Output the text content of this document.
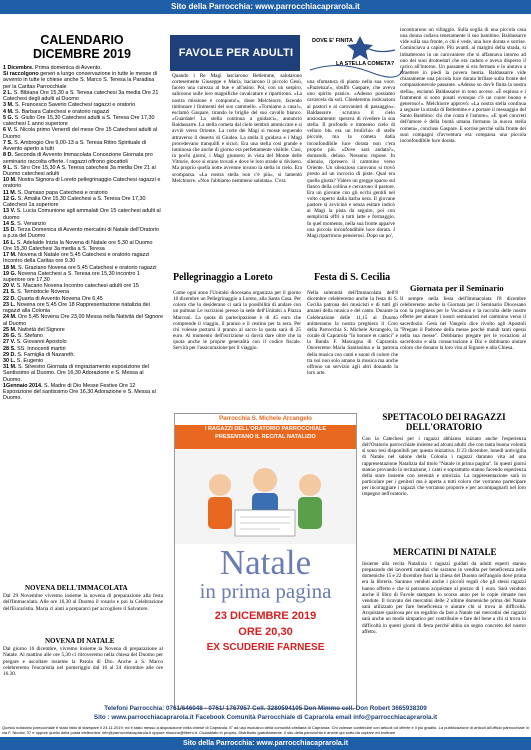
Sito della Parrocchia: www.parrocchiacaprarola.it
CALENDARIO
DICEMBRE 2019

1 Dicembre. Prima domenica di Avvento.

Si raccolgono generi a lungo conservazione in tutte le messe di avvento in tutte le chiese anche S. Marco S. Teresa la Paradisa per la Caritas Parrocchiale

2 L. S. Bibiana Ore 15,30 a S. Teresa catechesi 3a media Ore 21 Catechesi degli adulti al Duomo

3 M. S. Francesco Saverio Catechesi ragazzi e oratorio

4 M. S. Barbara Catechesi e oratorio ragazzi

5 G. S. Giulio Ore 15,30 Catechesi adulti a S. Teresa Ore 17,30 catechesi 1 anno superiore

6 V. S. Nicola primo Venerdì del mese Ore 15 Catechesi adulti al Duomo

7 S. S. Ambrogio Ore 9,00-13 a S. Teresa Ritiro Spirituale di Avvento aperto a tutti

8 D. Seconda di Avvento Immacolata Concezione Giornata pro seminario raccolta offerte. I ragazzi offrono giocattoli

9 L. S. Siro Ore 15,30 A S. Teresa catechesi 3a media Ore 21 al Duomo catechesi adulti

10 M. Nostra Signora di Loreto pellegrinaggio Catechesi ragazzi e oratorio

11 M. S. Damaso papa Catechesi e oratorio

12 G. S. Amalia Ore 15,30 Catechesi a S. Teresa Ore 17,30 Catechesi 1a superiore

13 V. S. Lucia Comunione agli ammalati Ore 15 catechesi adulti al duomo

14 S. S. Venanzio

15 D. Terza Domenica di Avvento mercatini di Natale dell'Oratorio a p.za del Duomo

16 L. S. Adelaide Inizia la Novena di Natale ore 5,30 al Duomo Ore 15,30 Catechesi 3a media a S. Teresa

17 M. Novena di Natale ore 5,45 Catechesi e oratorio ragazzi Incontro della Caritas ore 9.30

18 M. S. Graziano Novena ore 5,45 Catechesi e oratorio ragazzi

19 G. Novena Catechesi a S. Teresa ore 15,30 incontro 1 superiore ore 17,30

20 V. S. Macario Novena Incontro catechesi adulti ore 15

21 S. S. Temistocle Novena

22 D. Quarta di Avvento Novena Ore 6,45

23 L. Novena ore 5,45 Ore 18 Rappresentazione natalizia dei ragazzi alla Colonia

24 M. Ore 5,45 Novena Ore 23,00 Messa nella Natività del Signore al Duomo

25 M. Natività del Signore

26 G. S. Stefano

27 V. S. Giovanni Apostolo

28 S. SS. Innocenti martiri

29 D. S. Famiglia di Nazareth.

30 L. S. Eugenio

31 M. S. Silvestro Giornata di ringraziamento esposizione del Santissimo al Duomo. Ore 16,30 Adorazione e S. Messa al Duomo.

1Gennaio 2014. S. Madre di Dio Messe Festive Ore 12 Esposizione del santissimo Ore 16,30 Adorazione e S. Messa al Duomo.

NOVENA DELL'IMMACOLATA
Dal 29 Novembre vivremo insieme la novena di preparazione alla festa dell'Immacolata. Alle ore 16,30 al Duomo il rosario e poi la Celebrazione dell'Eucaristia. Maria ci aiuti a prepararci per accogliere il Salvatore.
NOVENA DI NATALE
Dal giorno 16 dicembre, vivremo insieme la Novena di preparazione al Natale. Al mattino alle ore 5,30 ci ritroveremo nella chiesa del Duomo per pregare e ascoltare insieme la Parola di Dio. Anche a S. Marco celebreremo l'eucaristia nel pomeriggio dal 16 al 24 dicembre alle ore 16.30.
FAVOLE PER ADULTI
DOVE E' FINITA
LA STELLA COMETA?
Quando i Re Magi lasciarono Betlemme, salutarono cortesemente Giuseppe e Maria, baciarono il piccolo Gesù, facero una carezza al bue e all'asino. Poi, con un sospiro, saliroono sulle loro magnifiche cavalcature e ripartirono. «La nostra missione è compiuta!», disse Melchiorre, facendo tintinnare i finimenti del suo cammello. «Torniamo a casa!», esclamò Gaspare, tirando le briglie del suo cavallo bianco. «Guardate! La stella continua a guidarci», annunciò Baldassarre. La stella cometa dal cielo sembrò ammiccare e si avviò verso Oriente. La corte dei Magi si mosse seguendo attraverso il deserto di Giudea. La stella li guidava e i Magi procedevano tranquilli e sicuri. Era una stella così grande e luminosa che anche di giorno era perfettamente visibile. Così, in pochi giorni, i Magi giunsero in vista del Monte delle Vittorie, dove si erano trovati e dove le loro strade si divisero. Ma proprio quella notte avvenne invano la stella in cielo. Era scomparsa. «La nostra stella non c'è più», si lamentò Melchiorre. «Non l'abbiamo nemmeno salutata». C'era
una sfumatura di pianto nella sua voce. «Pazienza!», sbuffò Gaspare, che aveva uno spirito pratico. «Adesso possiamo cavarcela da soli. Chiederemo indicazioni ai pastori e ai carovanieri di passaggio». Baldassarre scrutava il cielo ansiosamente: sperava di rivedere la sua stella. Il profondo e immenso cielo di velluto blu era un brulichio di stelle piccole, ma la cometa dalla inconfondibile luce dorata non c'era proprio più. «Dove sarà andata?», domandò, deluso. Nessuno rispose. In silenzio, ripresero il cammino verso Oriente. Un silenzioso carovano si trovò presto ad un incrocio di piste. Qual era quella giusta? Videro un gregge sparso sul fianco della collina e cercarono il pastore. Era un giovane con gli occhi gentili nel volto coperto dalla barba nera. Il giovane pastore si avvicinò e senza esitare indicò ai Magi la pista da seguire, poi con semplicità offrì a tutti latte e formaggio. In quel momento, nella sua fronte apparve una piccola inconfondibile luce dorata. I Magi ripartirono pensierosi. Dopo un po',
incontrarono un villaggio. Sulla soglia di una piccola casa una donna cullava teneramente il suo bambino. Baldassarre vide sulla sua fronte, o chi è vede, una luce dorata e sorrise. Cominciava a capire. Più avanti, ai margini della strada, si imbatterono in un carovaniere che si affannava intorno ad uno dei suoi dromedari che era caduto e aveva disperso il carico all'intorno. Un passante si era fermato e lo aiutava a rimettere in piedi la povera bestia. Baldassarre vide chiaramente una piccola luce dorata brillare sulla fronte del compassionevole passante. «Adesso so dov'è finita la nostra stella», esclamò Baldassarre in tono acceso. «È esplosa e i frammenti si sono posati ovunque c'è un cuore buono e generoso!». Melchiorre approvò: «La nostra stella continua a segnare la strada di Betlemme e a portare il messaggio del Santo Bambino: chi che conta è l'amore». «E quel concreti dell'amore è della bontà umana formano la nuova stella cometa», concluse Gaspare. E sorrise perché sulla fronte dei suoi compagni d'avventura era comparsa una piccola inconfondibile luce dorata.
Pellegrinaggio a Loreto
Come ogni anno l'Unitalsi diocesana organizza per il giorno 10 dicembre un Pellegrinaggio a Loreto, alla Santa Casa. Per coloro che lo desiderano ci sarà la possibilità di andare con un pulman Le iscrizioni presso la sede dell'Unitalsi a Piazza Marconi. La quota di partecipazione è di 45 euro che comprende il viaggio, il pranzo e il cestino per la sera. Per chi volesse portarsi il pranzo al sacco la quota sarà di 25 euro. Al momento dell'iscrizione si dovrà dare oltre che la quota anche le proprie generalità con il codice fiscale. Servirà per l'assicurazione per il viaggio.
Festa di S. Cecilia
Nella solennità dell'Immacolata dell'8 dicembre celebreremo anche la festa di S. Cecilia patrona dei musicisti e di tutti gli amanti della musica e del canto. Durante la Celebrazione delle 11,15 al Duomo animeranno la nostra preghiera il Coro della Parrocchia S. Michele Arcangelo, la corale di Caprarola "In honore et cantici" e la Banda F. Mascagna di Caprarola. Onoreremo Maria Santissima e la patrona della musica con canti e suoni di colore che tra noi non solo amano la musica ma anche offrono un servizio agli altri donando la loro arte.
Giornata per il Seminario
Il sempre nella festa dell'Immacolata l'8 dicembre celebreremo anche la Giornata per il Seminario Diocesano con la preghiera per le Vocazioni e la raccolta delle nostre offerte per aiutare i nostri seminaristi nel cammino verso il sacerdozio. Gesù nel Vangelo dice rivolto agli Apostoli "Pregate il Padrone della messe perché mandi tanti operai nella sua messe". Dobbiamo pregare per le vocazioni al sacerdozio e alla consacrazione a Dio e dobbiamo aiutare coloro che donano la loro vita al Signore e alla Chiesa.
Parrocchia S. Michele Arcangelo
I RAGAZZI DELL'ORATORIO PARROCCHIALE
PRESENTANO IL RECITAL NATALIZIO
Natale
in prima pagina
23 DICEMBRE 2019
ORE 20,30
EX SCUDERIE FARNESE
SPETTACOLO DEI RAGAZZI
DELL'ORATORIO
Con la Catechesi per i ragazzi abbiamo iniziato anche l'esperienza dell'Oratorio parrocchiale insieme ad alcuni adulti che con tanta buona volontà si sono resi disponibili per questa iniziativa. Il 23 dicembre, lunedì antivigilia di Natale nel salone della Colonia i ragazzi daranno vita ad una rappresentazione Natalizia dal titolo "Natale in prima pagina". In questi giorni stanno provando la recitazione, i canti e soprattutto stanno facendo esperienza della stare insieme con serenità e amicizia. La rappresentazione sarà in particolare per i genitori ma è aperta a tutti coloro che vorranno partecipare per incoraggiare i ragazzi che vorranno proporre e per accompagnarli nel loro impegno nell'oratorio.
MERCATINI DI NATALE
Insieme alla recita Natalizia i ragazzi guidati da adulti esperti stanno preparando dei lavoretti natalizi che saranno in vendita per beneficenza nelle domeniche 15 e 22 dicembre fuori la chiesa del Duomo nell'angolo dove prima era la libreria. Saranno venduti anche i piccoli regali che gli stessi ragazzi hanno offerto e che si potranno acquistare al prezzo di 1 euro. Sarà venduto anche il libro di Favole stampato lo scorso anno per le copie rimaste non vendute. Il ricavato dei mercatini delle 2 ultime domeniche prima del Natale sarà utilizzato per fare beneficenza e aiutare chi si trova in difficoltà. Acquistare qualcosa per un regalino da fare a Natale nei mercatini dei ragazzi sarà anche un modo simpatico per contribuire e fare del bene a chi si trova in difficoltà in questi giorni di festa perché abbia un segno concreto del nostro affetto.
Telefoni Parrocchia: 0761/646048 - 0761/ 1767957 Cell. 3280594105 Don Mimmo cell. Don Robert 3665938309
Sito : www.parrocchiacaprarola.it Facebook Comunità Parrocchiale di Caprarola email info@parrocchiacaprarola.it
Questo notiziario parrocchiale è stato fatto di stampare il 24.11.2019; ed è stato messo a disposizione nella chiese di Caprarola. E' ad uso esclusivo della comunità cristiana di Caprarola. Chi volesse contribuire con articoli od offerte è il più gradito. La pubblicazione di articoli all'ufficio parrocchiale in via F. Nicolai, 37 e oppure quello della posta elettronica: info@parrocchiacaprarola.it oppure riiuuuno@libero.it. Ciclostilato in proprio. Distribuito gratuitamente. Il sito della parrocchia è anche qui sotto da copiare ed inoltrare
Sito della Parrocchia: www.parrocchiacaprarola.it
